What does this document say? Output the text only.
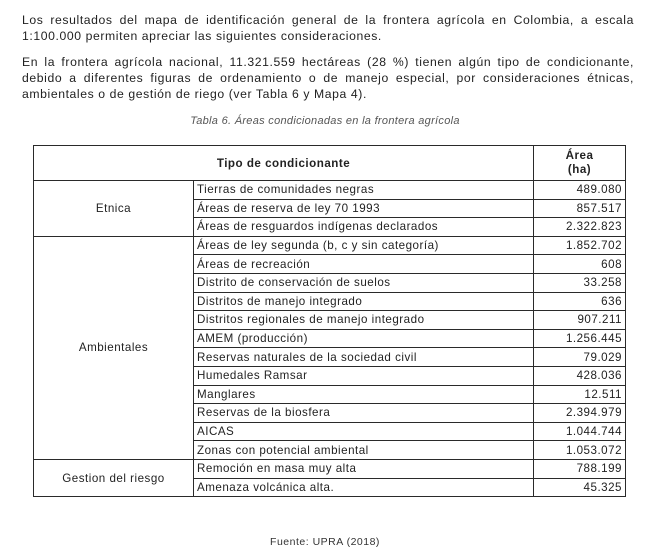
Los resultados del mapa de identificación general de la frontera agrícola en Colombia, a escala 1:100.000 permiten apreciar las siguientes consideraciones.

En la frontera agrícola nacional, 11.321.559 hectáreas (28 %) tienen algún tipo de condicionante, debido a diferentes figuras de ordenamiento o de manejo especial, por consideraciones étnicas, ambientales o de gestión de riego (ver Tabla 6 y Mapa 4).

Tabla 6. Áreas condicionadas en la frontera agrícola
Tipo de condicionante		Área
(ha)
Etnica	Tierras de comunidades negras	489.080
	Áreas de reserva de ley 70 1993	857.517
	Áreas de resguardos indígenas declarados	2.322.823
Ambientales	Áreas de ley segunda (b, c y sin categoría)	1.852.702
	Áreas de recreación	608
	Distrito de conservación de suelos	33.258
	Distritos de manejo integrado	636
	Distritos regionales de manejo integrado	907.211
	AMEM (producción)	1.256.445
	Reservas naturales de la sociedad civil	79.029
	Humedales Ramsar	428.036
	Manglares	12.511
	Reservas de la biosfera	2.394.979
	AICAS	1.044.744
	Zonas con potencial ambiental	1.053.072
Gestion del riesgo	Remoción en masa muy alta	788.199
	Amenaza volcánica alta.	45.325
Fuente: UPRA (2018)
